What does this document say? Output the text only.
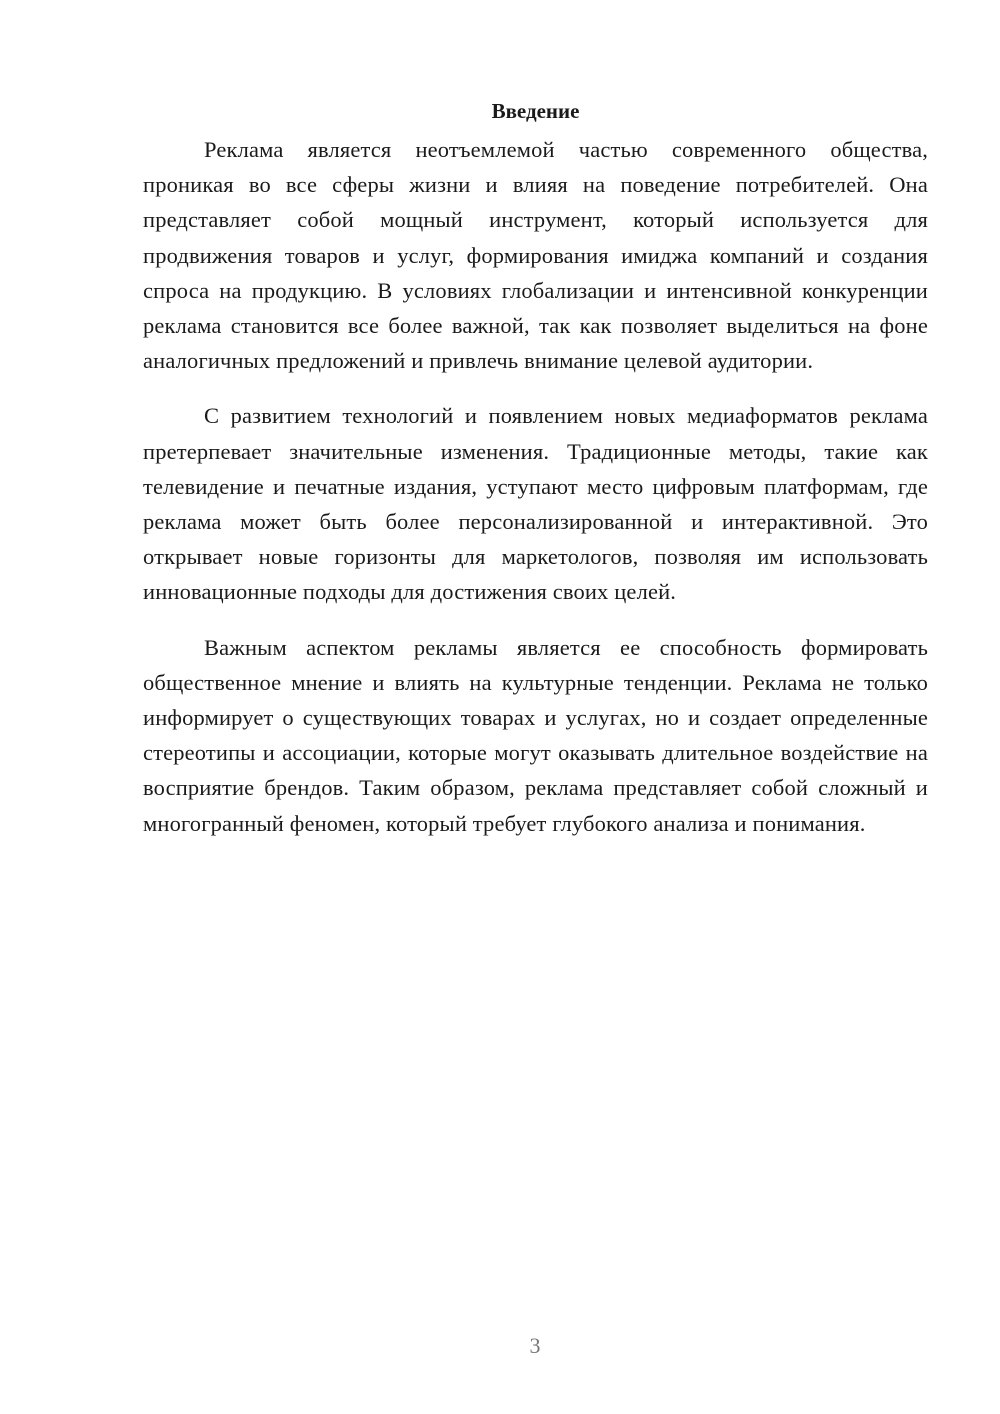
Введение

Реклама является неотъемлемой частью современного общества, проникая во все сферы жизни и влияя на поведение потребителей. Она представляет собой мощный инструмент, который используется для продвижения товаров и услуг, формирования имиджа компаний и создания спроса на продукцию. В условиях глобализации и интенсивной конкуренции реклама становится все более важной, так как позволяет выделиться на фоне аналогичных предложений и привлечь внимание целевой аудитории.

С развитием технологий и появлением новых медиаформатов реклама претерпевает значительные изменения. Традиционные методы, такие как телевидение и печатные издания, уступают место цифровым платформам, где реклама может быть более персонализированной и интерактивной. Это открывает новые горизонты для маркетологов, позволяя им использовать инновационные подходы для достижения своих целей.

Важным аспектом рекламы является ее способность формировать общественное мнение и влиять на культурные тенденции. Реклама не только информирует о существующих товарах и услугах, но и создает определенные стереотипы и ассоциации, которые могут оказывать длительное воздействие на восприятие брендов. Таким образом, реклама представляет собой сложный и многогранный феномен, который требует глубокого анализа и понимания.

3
